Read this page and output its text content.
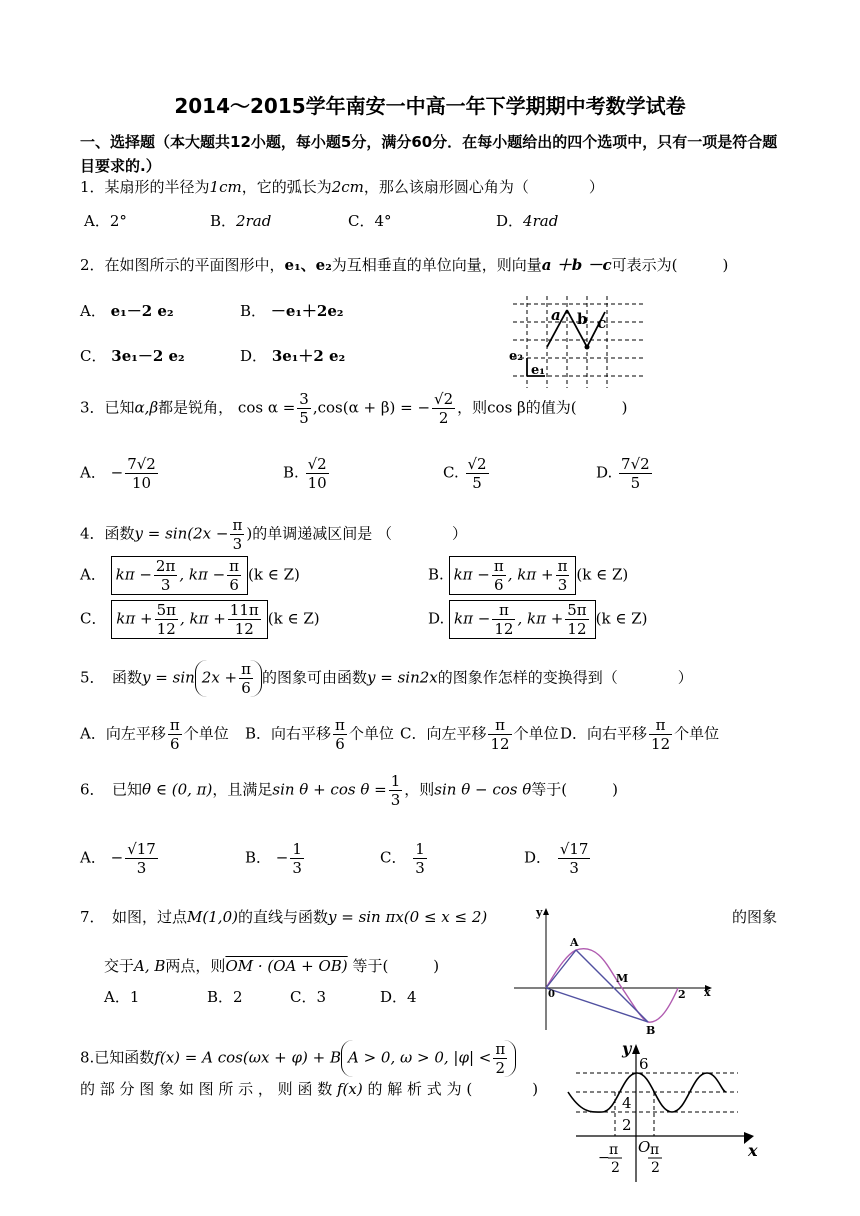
2014～2015学年南安一中高一年下学期期中考数学试卷
一、选择题（本大题共12小题，每小题5分，满分60分．在每小题给出的四个选项中，只有一项是符合题目要求的.）
1．某扇形的半径为1cm，它的弧长为2cm，那么该扇形圆心角为（　　　　）
A．2°	B．2rad	C．4°	D．4rad
2．在如图所示的平面图形中，e₁、e₂为互相垂直的单位向量，则向量a ＋b －c可表示为(　　　)
A． e₁－2 e₂	B． －e₁＋2e₂
C． 3e₁－2 e₂	D． 3e₁＋2 e₂
a b c
e₂
e₁
3．已知α,β都是锐角， $\cos \alpha = \frac{3}{5} ,\cos(\alpha + \beta)$ = − $\frac{√2}{2}$ ，则cos β的值为(　　　)
A． − $\frac{7√2}{10}$	B. $\frac{√2}{10}$	C. $\frac{√2}{5}$	D. $\frac{7√2}{5}$
4．函数$y = \sin(2x - \frac{\pi}{3}$ )的单调递减区间是 （　　　　）
A． $k\pi - \frac{2\pi}{3}$ , $k\pi - \frac{\pi}{6} (k$ ∈ Z)	B. $k\pi - \frac{\pi}{6}$ , $k\pi + \frac{\pi}{3} (k$ ∈ Z)
C． $k\pi + \frac{5\pi}{12}$ , $k\pi + \frac{11\pi}{12} (k$ ∈ Z)	D. $k\pi - \frac{\pi}{12}$ , $k\pi + \frac{5\pi}{12} (k$ ∈ Z)
5．　函数$y = \sin 2x + \frac{\pi}{6}$ 的图象可由函数y = sin2x的图象作怎样的变换得到（　　　　）
A．向左平移 $\frac{\pi}{6}$ 个单位 B．向右平移 $\frac{\pi}{6}$ 个单位 C．向左平移 $\frac{\pi}{12}$ 个单位 D．向右平移 $\frac{\pi}{12}$ 个单位
6．　已知θ ∈ (0, π)，且满足$\sin \theta + \cos \theta = \frac{1}{3}$ ，则sin θ − cos θ等于(　　　)
A． − $\frac{√17}{3}$	B． − $\frac{1}{3}$	C． $\frac{1}{3}$	D． $\frac{√17}{3}$
7．　如图，过点M(1,0)的直线与函数y = sin πx(0 ≤ x ≤ 2)	的图象
交于A, B两点，则OM · (OA + OB) 等于(　　　)
A．1	B．2	C．3	D．4
y
x
0	2
A
B
M
8.已知函数f(x) = A cos(ωx + φ) + B A > 0, ω > 0, $|\varphi| < \frac{\pi}{2}$
的 部 分 图 象 如 图 所 示 ， 则 函 数 f(x) 的 解 析 式 为 (　　　　)
y
x
6
4
2
O
− π
2
π
2
